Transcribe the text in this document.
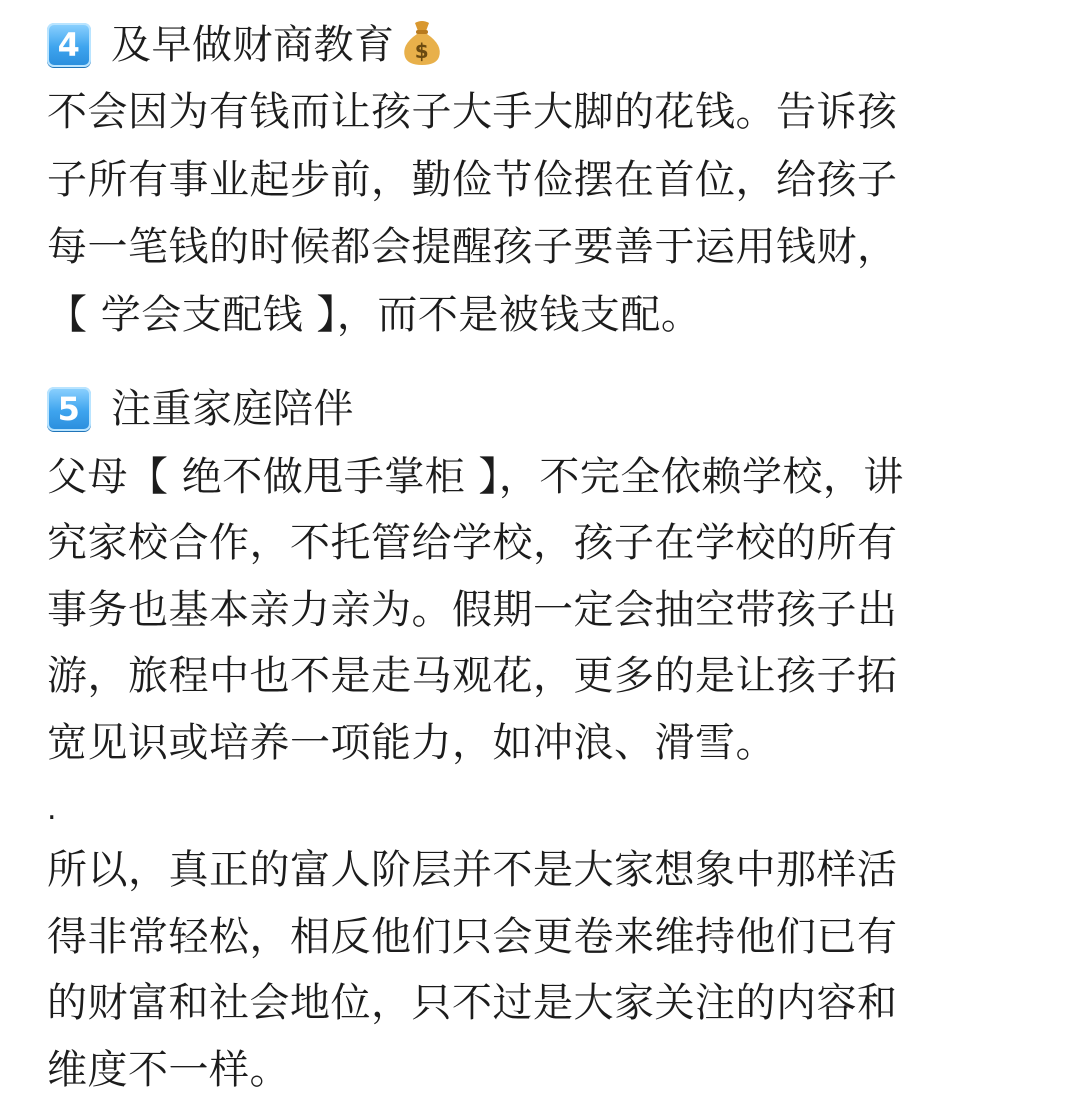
4 及早做财商教育 $
不会因为有钱而让孩子大手大脚的花钱。告诉孩
子所有事业起步前，勤俭节俭摆在首位，给孩子
每一笔钱的时候都会提醒孩子要善于运用钱财，
【 学会支配钱 】，而不是被钱支配。
5 注重家庭陪伴
父母【 绝不做甩手掌柜 】，不完全依赖学校，讲
究家校合作，不托管给学校，孩子在学校的所有
事务也基本亲力亲为。假期一定会抽空带孩子出
游，旅程中也不是走马观花，更多的是让孩子拓
宽见识或培养一项能力，如冲浪、滑雪。
.
所以，真正的富人阶层并不是大家想象中那样活
得非常轻松，相反他们只会更卷来维持他们已有
的财富和社会地位，只不过是大家关注的内容和
维度不一样。
